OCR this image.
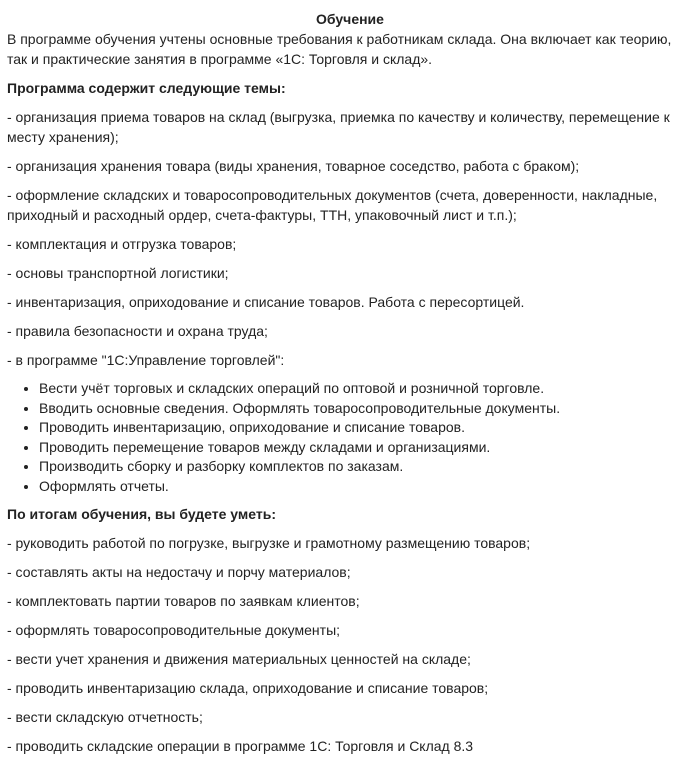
Обучение

В программе обучения учтены основные требования к работникам склада. Она включает как теорию, так и практические занятия в программе «1С: Торговля и склад».

Программа содержит следующие темы:

- организация приема товаров на склад (выгрузка, приемка по качеству и количеству, перемещение к месту хранения);

- организация хранения товара (виды хранения, товарное соседство, работа с браком);

- оформление складских и товаросопроводительных документов (счета, доверенности, накладные, приходный и расходный ордер, счета-фактуры, ТТН, упаковочный лист и т.п.);

- комплектация и отгрузка товаров;

- основы транспортной логистики;

- инвентаризация, оприходование и списание товаров. Работа с пересортицей.

- правила безопасности и охрана труда;

- в программе "1С:Управление торговлей":

• Вести учёт торговых и складских операций по оптовой и розничной торговле.
• Вводить основные сведения. Оформлять товаросопроводительные документы.
• Проводить инвентаризацию, оприходование и списание товаров.
• Проводить перемещение товаров между складами и организациями.
• Производить сборку и разборку комплектов по заказам.
• Оформлять отчеты.

По итогам обучения, вы будете уметь:

- руководить работой по погрузке, выгрузке и грамотному размещению товаров;

- составлять акты на недостачу и порчу материалов;

- комплектовать партии товаров по заявкам клиентов;

- оформлять товаросопроводительные документы;

- вести учет хранения и движения материальных ценностей на складе;

- проводить инвентаризацию склада, оприходование и списание товаров;

- вести складскую отчетность;

- проводить складские операции в программе 1С: Торговля и Склад 8.3
